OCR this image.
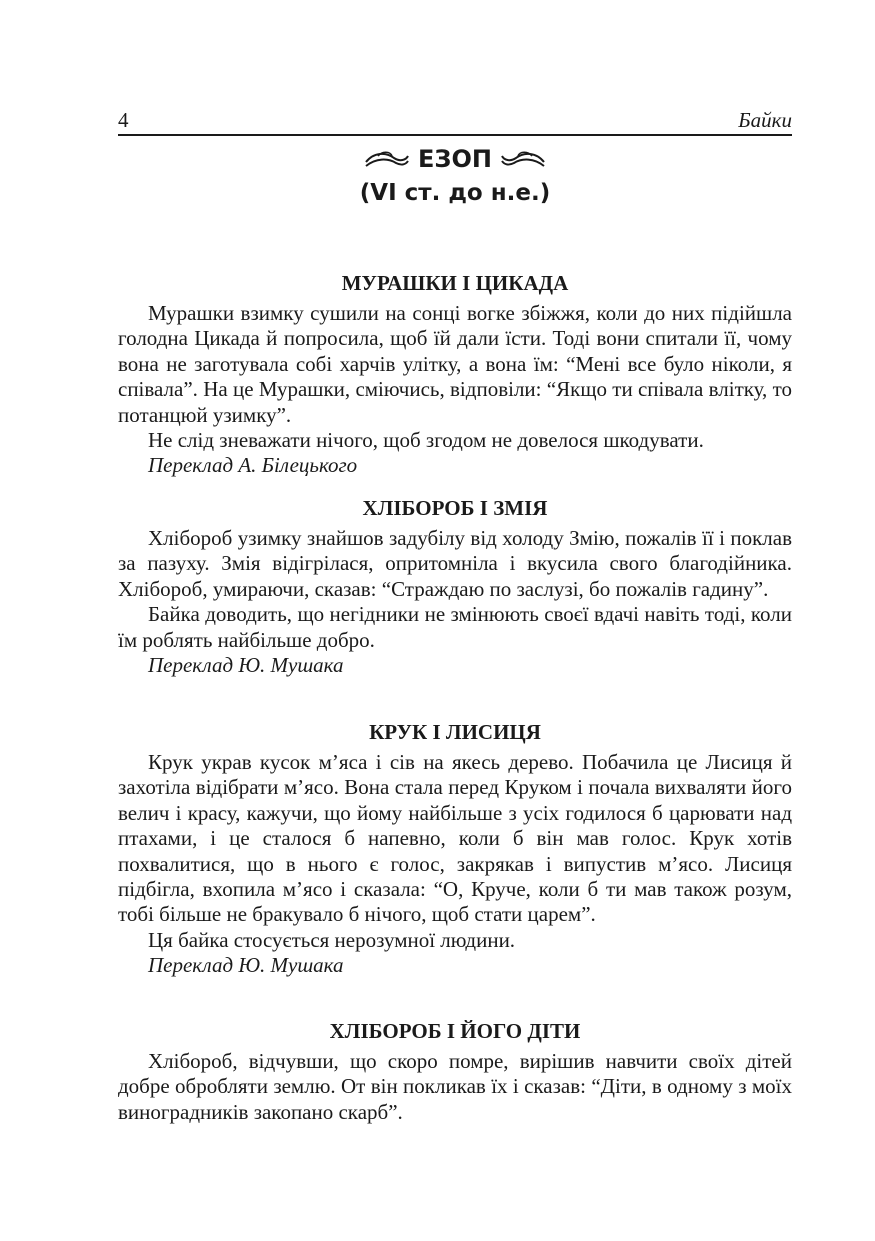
4	Байки
ЕЗОП
(VI ст. до н.е.)
МУРАШКИ І ЦИКАДА

Мурашки взимку сушили на сонці вогке збіжжя, коли до них підійшла голодна Цикада й попросила, щоб їй дали їсти. Тоді вони спитали її, чому вона не заготувала собі харчів улітку, а вона їм: “Мені все було ніколи, я співала”. На це Мурашки, сміючись, відповіли: “Якщо ти співала влітку, то потанцюй узимку”.

Не слід зневажати нічого, щоб згодом не довелося шкодувати.

Переклад А. Білецького

ХЛІБОРОБ І ЗМІЯ

Хлібороб узимку знайшов задубілу від холоду Змію, пожалів її і поклав за пазуху. Змія відігрілася, опритомніла і вкусила свого благодійника. Хлібороб, умираючи, сказав: “Страждаю по заслузі, бо пожалів гадину”.

Байка доводить, що негідники не змінюють своєї вдачі навіть тоді, коли їм роблять найбільше добро.

Переклад Ю. Мушака

КРУК І ЛИСИЦЯ

Крук украв кусок м’яса і сів на якесь дерево. Побачила це Лисиця й захотіла відібрати м’ясо. Вона стала перед Круком і почала вихваляти його велич і красу, кажучи, що йому найбільше з усіх годилося б царювати над птахами, і це сталося б напевно, коли б він мав голос. Крук хотів похвалитися, що в нього є голос, закрякав і випустив м’ясо. Лисиця підбігла, вхопила м’ясо і сказала: “О, Круче, коли б ти мав також розум, тобі більше не бракувало б нічого, щоб стати царем”.

Ця байка стосується нерозумної людини.

Переклад Ю. Мушака

ХЛІБОРОБ І ЙОГО ДІТИ

Хлібороб, відчувши, що скоро помре, вирішив навчити своїх дітей добре обробляти землю. От він покликав їх і сказав: “Діти, в одному з моїх виноградників закопано скарб”.
